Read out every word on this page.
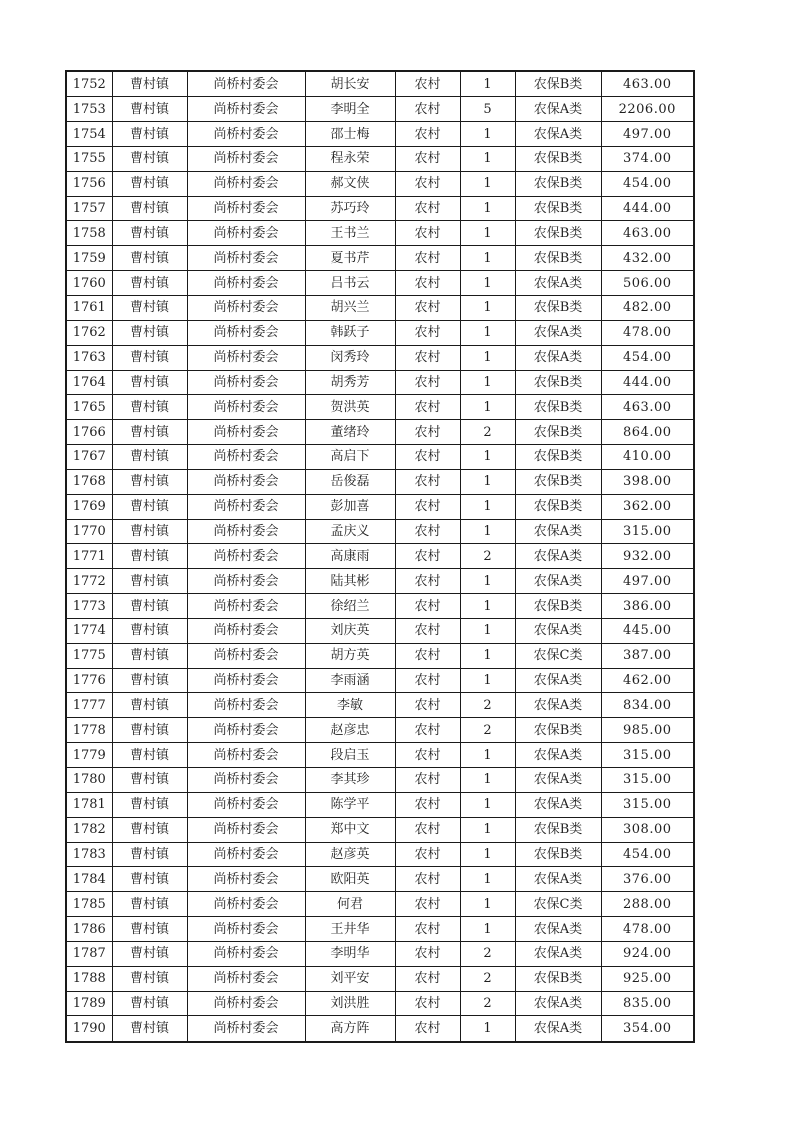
1752	曹村镇	尚桥村委会	胡长安	农村	1	农保B类	463.00
1753	曹村镇	尚桥村委会	李明全	农村	5	农保A类	2206.00
1754	曹村镇	尚桥村委会	邵士梅	农村	1	农保A类	497.00
1755	曹村镇	尚桥村委会	程永荣	农村	1	农保B类	374.00
1756	曹村镇	尚桥村委会	郝文侠	农村	1	农保B类	454.00
1757	曹村镇	尚桥村委会	苏巧玲	农村	1	农保B类	444.00
1758	曹村镇	尚桥村委会	王书兰	农村	1	农保B类	463.00
1759	曹村镇	尚桥村委会	夏书芹	农村	1	农保B类	432.00
1760	曹村镇	尚桥村委会	吕书云	农村	1	农保A类	506.00
1761	曹村镇	尚桥村委会	胡兴兰	农村	1	农保B类	482.00
1762	曹村镇	尚桥村委会	韩跃子	农村	1	农保A类	478.00
1763	曹村镇	尚桥村委会	闵秀玲	农村	1	农保A类	454.00
1764	曹村镇	尚桥村委会	胡秀芳	农村	1	农保B类	444.00
1765	曹村镇	尚桥村委会	贺洪英	农村	1	农保B类	463.00
1766	曹村镇	尚桥村委会	董绪玲	农村	2	农保B类	864.00
1767	曹村镇	尚桥村委会	高启下	农村	1	农保B类	410.00
1768	曹村镇	尚桥村委会	岳俊磊	农村	1	农保B类	398.00
1769	曹村镇	尚桥村委会	彭加喜	农村	1	农保B类	362.00
1770	曹村镇	尚桥村委会	孟庆义	农村	1	农保A类	315.00
1771	曹村镇	尚桥村委会	高康雨	农村	2	农保A类	932.00
1772	曹村镇	尚桥村委会	陆其彬	农村	1	农保A类	497.00
1773	曹村镇	尚桥村委会	徐绍兰	农村	1	农保B类	386.00
1774	曹村镇	尚桥村委会	刘庆英	农村	1	农保A类	445.00
1775	曹村镇	尚桥村委会	胡方英	农村	1	农保C类	387.00
1776	曹村镇	尚桥村委会	李雨涵	农村	1	农保A类	462.00
1777	曹村镇	尚桥村委会	李敏	农村	2	农保A类	834.00
1778	曹村镇	尚桥村委会	赵彦忠	农村	2	农保B类	985.00
1779	曹村镇	尚桥村委会	段启玉	农村	1	农保A类	315.00
1780	曹村镇	尚桥村委会	李其珍	农村	1	农保A类	315.00
1781	曹村镇	尚桥村委会	陈学平	农村	1	农保A类	315.00
1782	曹村镇	尚桥村委会	郑中文	农村	1	农保B类	308.00
1783	曹村镇	尚桥村委会	赵彦英	农村	1	农保B类	454.00
1784	曹村镇	尚桥村委会	欧阳英	农村	1	农保A类	376.00
1785	曹村镇	尚桥村委会	何君	农村	1	农保C类	288.00
1786	曹村镇	尚桥村委会	王井华	农村	1	农保A类	478.00
1787	曹村镇	尚桥村委会	李明华	农村	2	农保A类	924.00
1788	曹村镇	尚桥村委会	刘平安	农村	2	农保B类	925.00
1789	曹村镇	尚桥村委会	刘洪胜	农村	2	农保A类	835.00
1790	曹村镇	尚桥村委会	高方阵	农村	1	农保A类	354.00
